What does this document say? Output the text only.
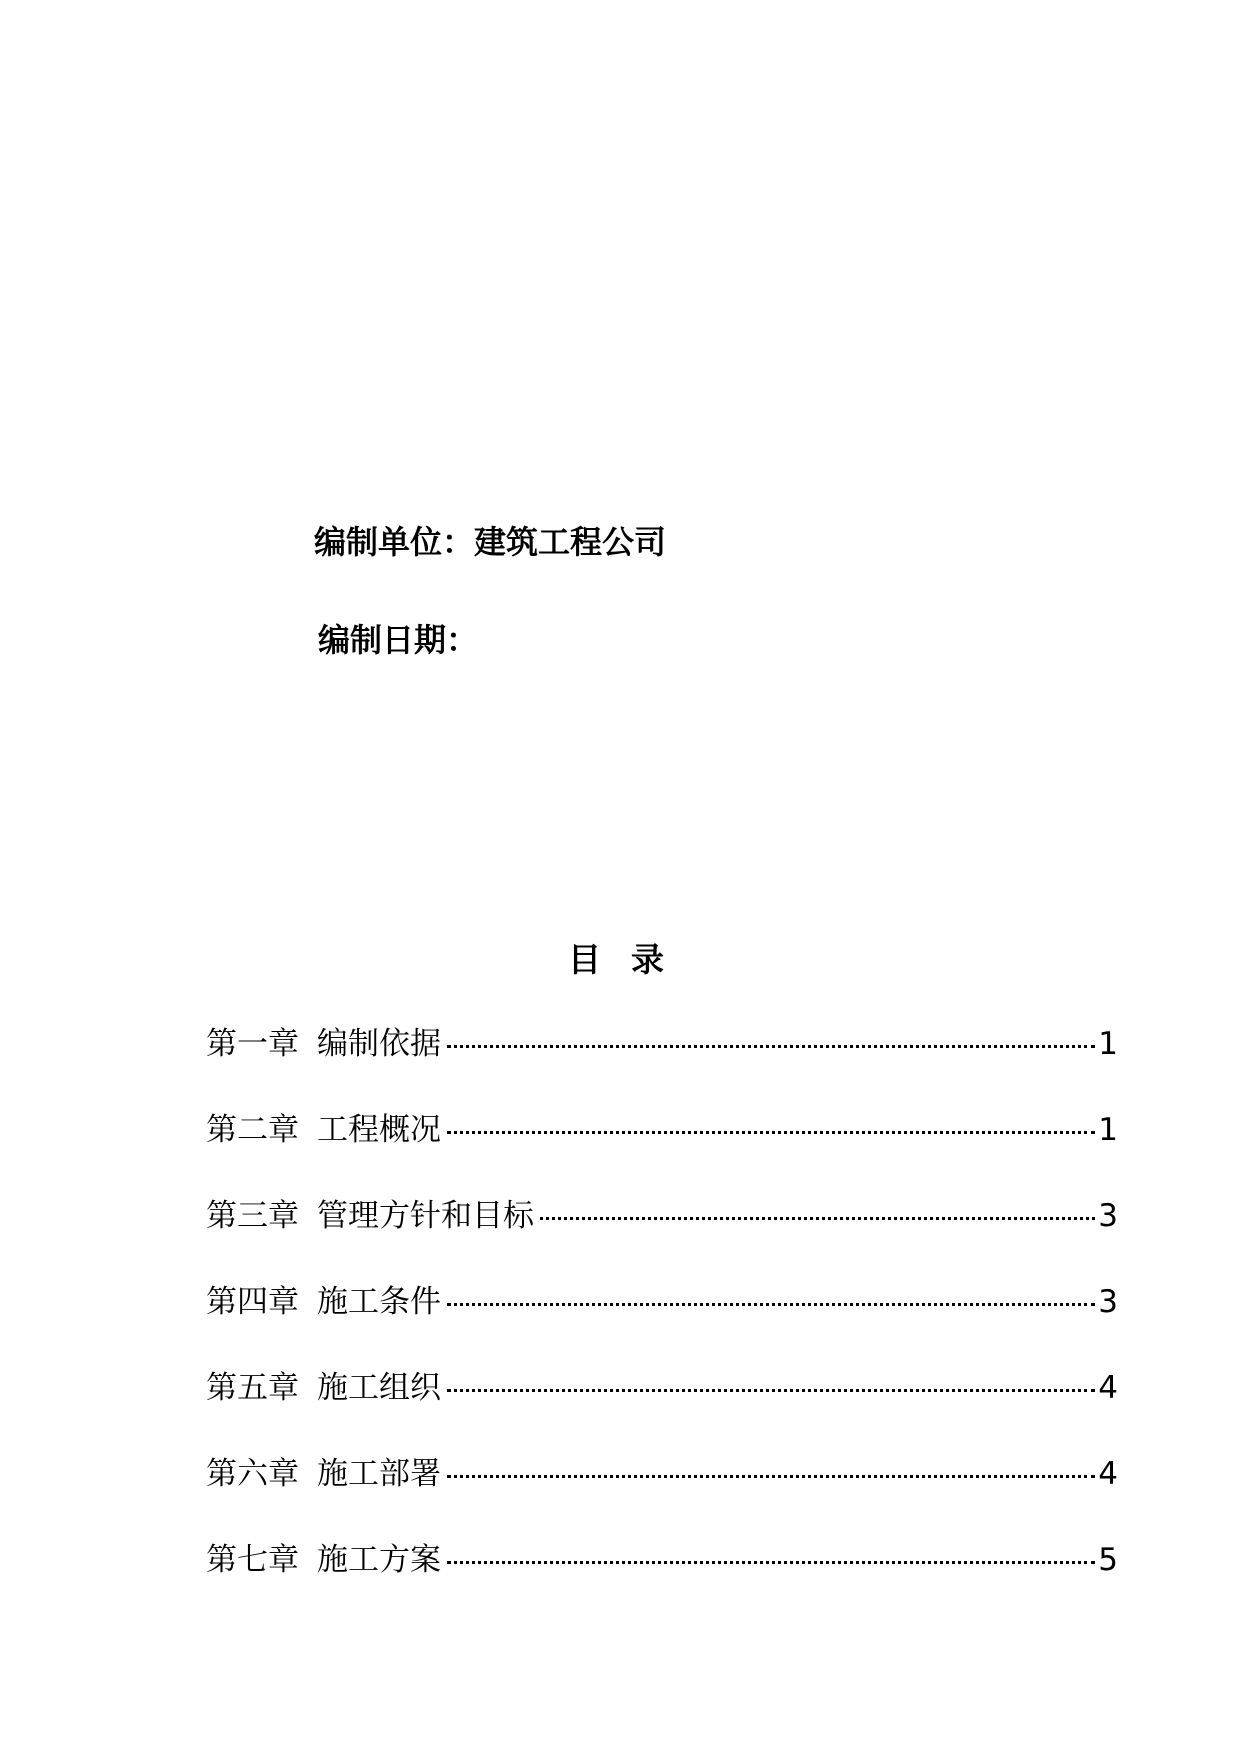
编制单位：建筑工程公司
编制日期：
目录
第一章 编制依据	1
第二章 工程概况	1
第三章 管理方针和目标	3
第四章 施工条件	3
第五章 施工组织	4
第六章 施工部署	4
第七章 施工方案	5
